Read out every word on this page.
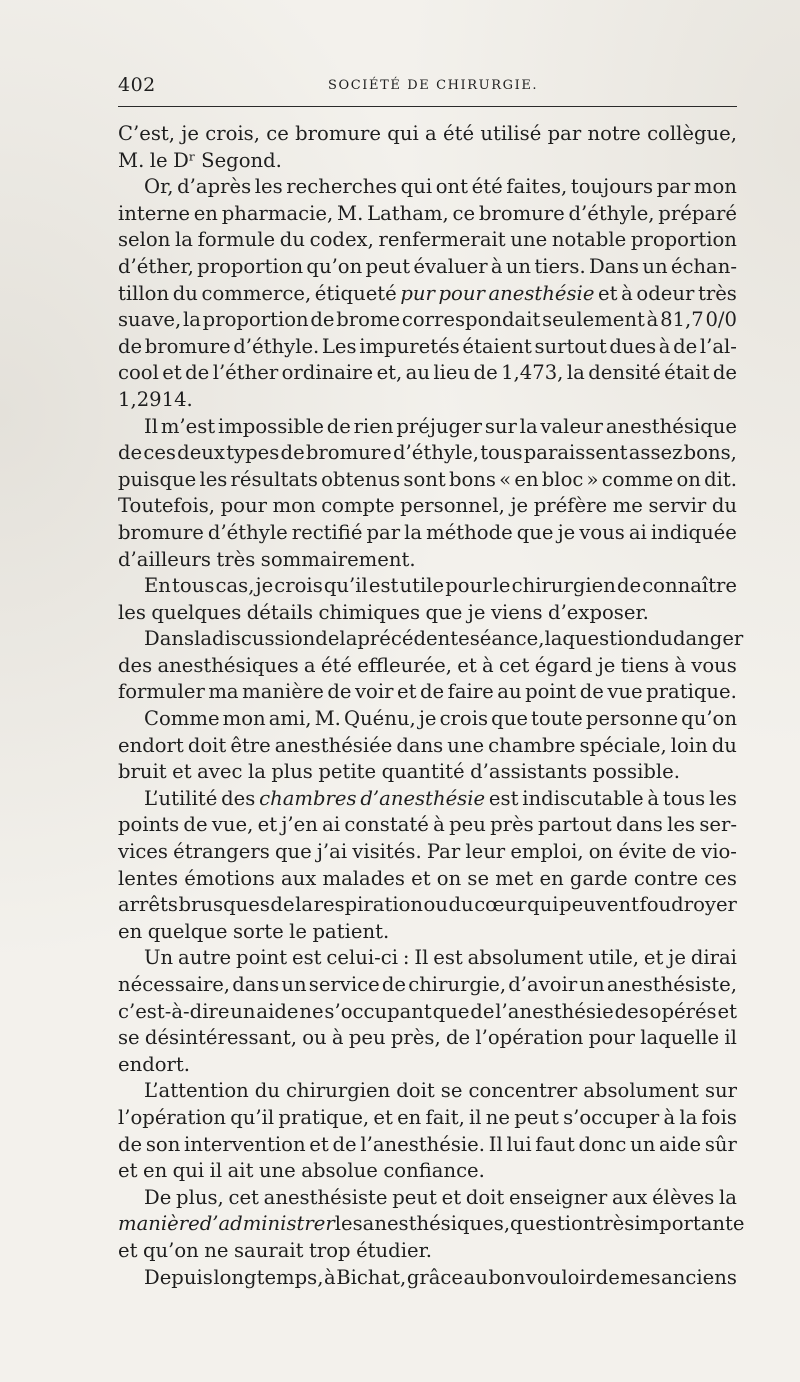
402	SOCIÉTÉ DE CHIRURGIE.
C’est, je crois, ce bromure qui a été utilisé par notre collègue,
M. le Dʳ Segond.
Or, d’après les recherches qui ont été faites, toujours par mon
interne en pharmacie, M. Latham, ce bromure d’éthyle, préparé
selon la formule du codex, renfermerait une notable proportion
d’éther, proportion qu’on peut évaluer à un tiers. Dans un échan-
tillon du commerce, étiqueté pur pour anesthésie et à odeur très
suave, la proportion de brome correspondait seulement à 81,7 0/0
de bromure d’éthyle. Les impuretés étaient surtout dues à de l’al-
cool et de l’éther ordinaire et, au lieu de 1,473, la densité était de
1,2914.
Il m’est impossible de rien préjuger sur la valeur anesthésique
de ces deux types de bromure d’éthyle, tous paraissent assez bons,
puisque les résultats obtenus sont bons « en bloc » comme on dit.
Toutefois, pour mon compte personnel, je préfère me servir du
bromure d’éthyle rectifié par la méthode que je vous ai indiquée
d’ailleurs très sommairement.
En tous cas, je crois qu’il est utile pour le chirurgien de connaître
les quelques détails chimiques que je viens d’exposer.
Dans la discussion de la précédente séance, la question du danger
des anesthésiques a été effleurée, et à cet égard je tiens à vous
formuler ma manière de voir et de faire au point de vue pratique.
Comme mon ami, M. Quénu, je crois que toute personne qu’on
endort doit être anesthésiée dans une chambre spéciale, loin du
bruit et avec la plus petite quantité d’assistants possible.
L’utilité des chambres d’anesthésie est indiscutable à tous les
points de vue, et j’en ai constaté à peu près partout dans les ser-
vices étrangers que j’ai visités. Par leur emploi, on évite de vio-
lentes émotions aux malades et on se met en garde contre ces
arrêts brusques de la respiration ou du cœur qui peuvent foudroyer
en quelque sorte le patient.
Un autre point est celui-ci : Il est absolument utile, et je dirai
nécessaire, dans un service de chirurgie, d’avoir un anesthésiste,
c’est-à-dire un aide ne s’occupant que de l’anesthésie des opérés et
se désintéressant, ou à peu près, de l’opération pour laquelle il
endort.
L’attention du chirurgien doit se concentrer absolument sur
l’opération qu’il pratique, et en fait, il ne peut s’occuper à la fois
de son intervention et de l’anesthésie. Il lui faut donc un aide sûr
et en qui il ait une absolue confiance.
De plus, cet anesthésiste peut et doit enseigner aux élèves la
manière d’administrer les anesthésiques, question très importante
et qu’on ne saurait trop étudier.
Depuis longtemps, à Bichat, grâce au bon vouloir de mes anciens
